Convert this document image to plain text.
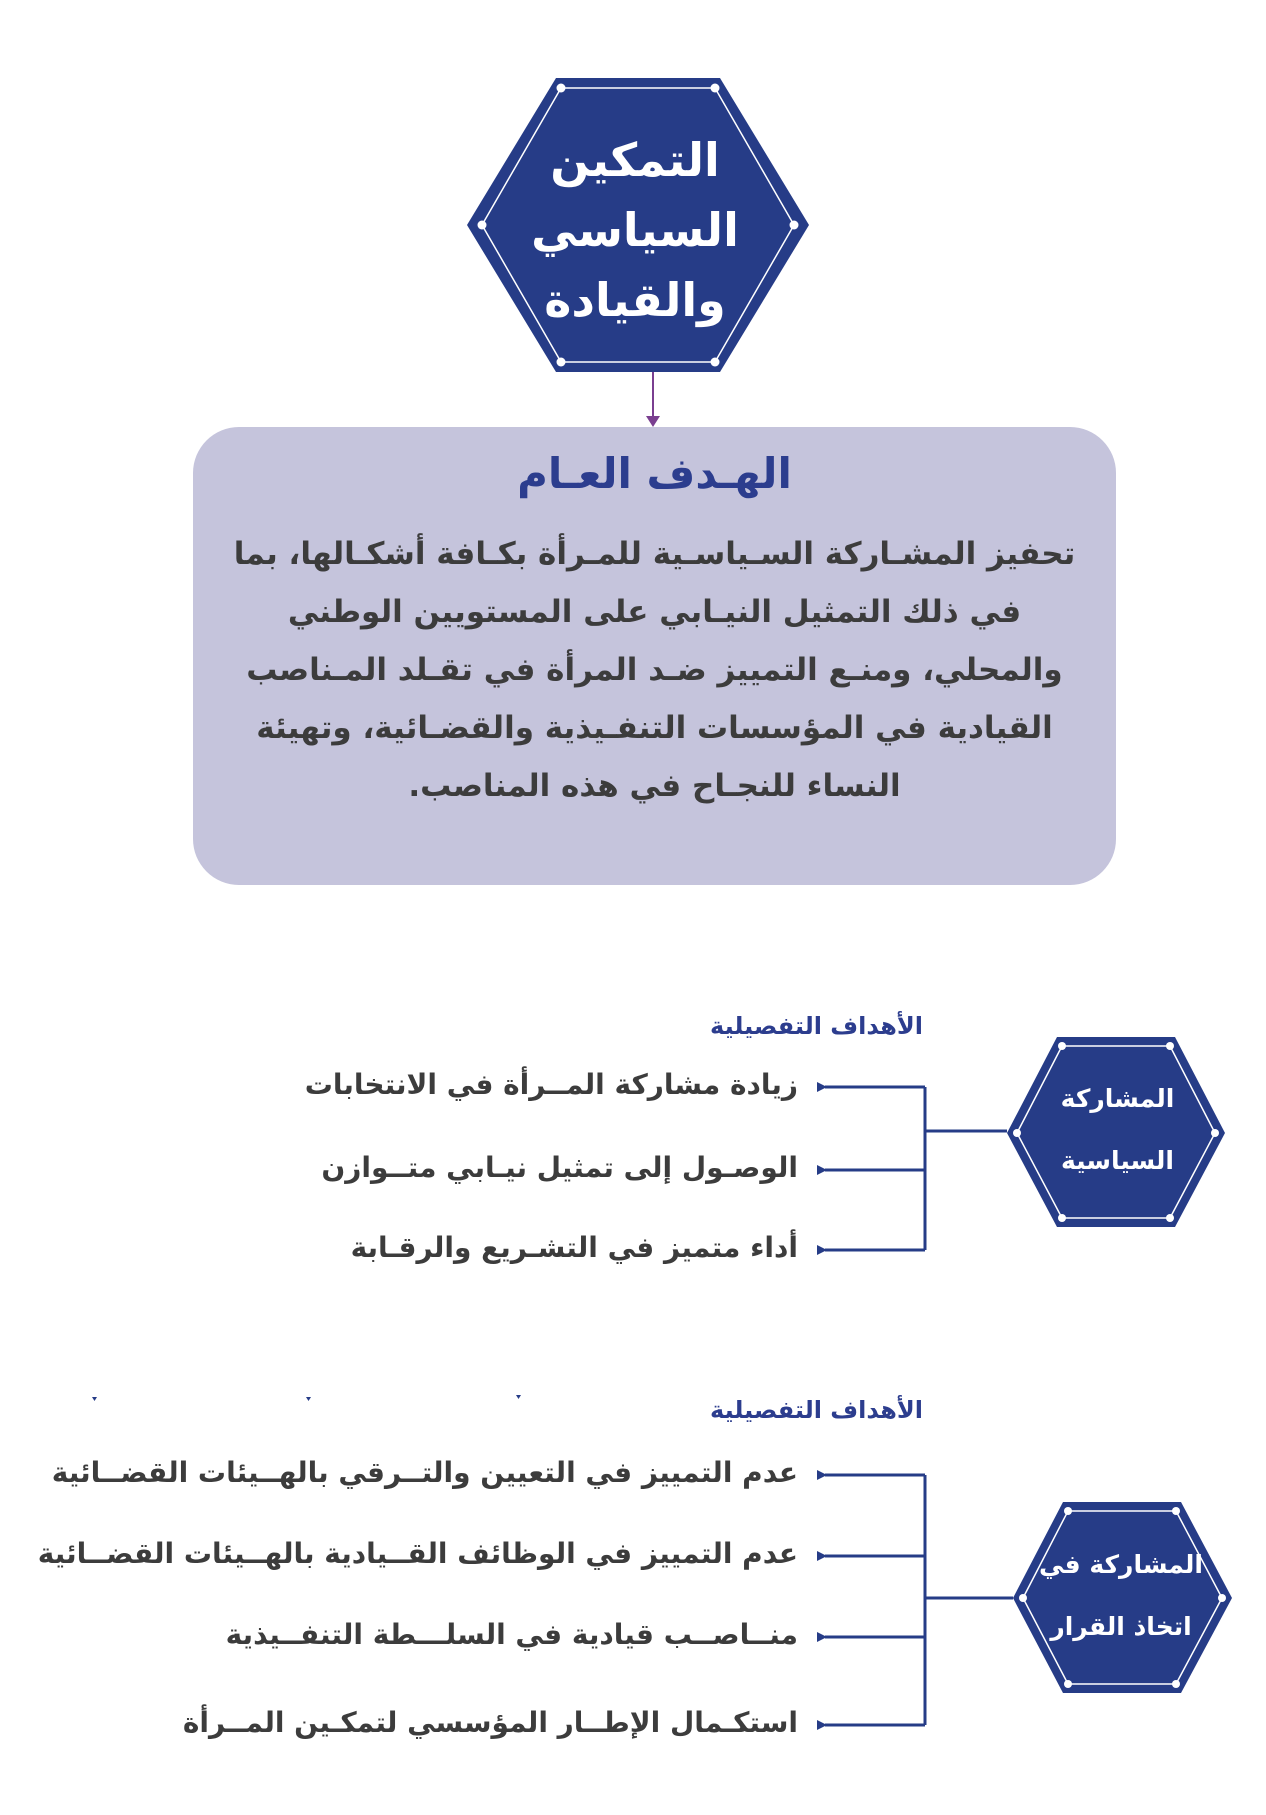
التمكين
السياسي
والقيادة
الهـدف العـام
تحفيز المشـاركة السـياسـية للمـرأة بكـافة أشكـالها، بما في ذلك التمثيل النيـابي على المستويين الوطني والمحلي، ومنـع التمييز ضـد المرأة في تقـلد المـناصب القيادية في المؤسسات التنفـيذية والقضـائية، وتهيئة النساء للنجـاح في هذه المناصب.
المشاركة
السياسية
الأهداف التفصيلية
زيادة مشاركة المــرأة في الانتخابات
الوصـول إلى تمثيل نيـابي متــوازن
أداء متميز في التشـريع والرقـابة
المشاركة في
اتخاذ القرار
الأهداف التفصيلية
عدم التمييز في التعيين والتــرقي بالهــيئات القضــائية
عدم التمييز في الوظائف القــيادية بالهــيئات القضــائية
منــاصــب قيادية في السلـــطة التنفــيذية
استكـمال الإطــار المؤسسي لتمكـين المــرأة
